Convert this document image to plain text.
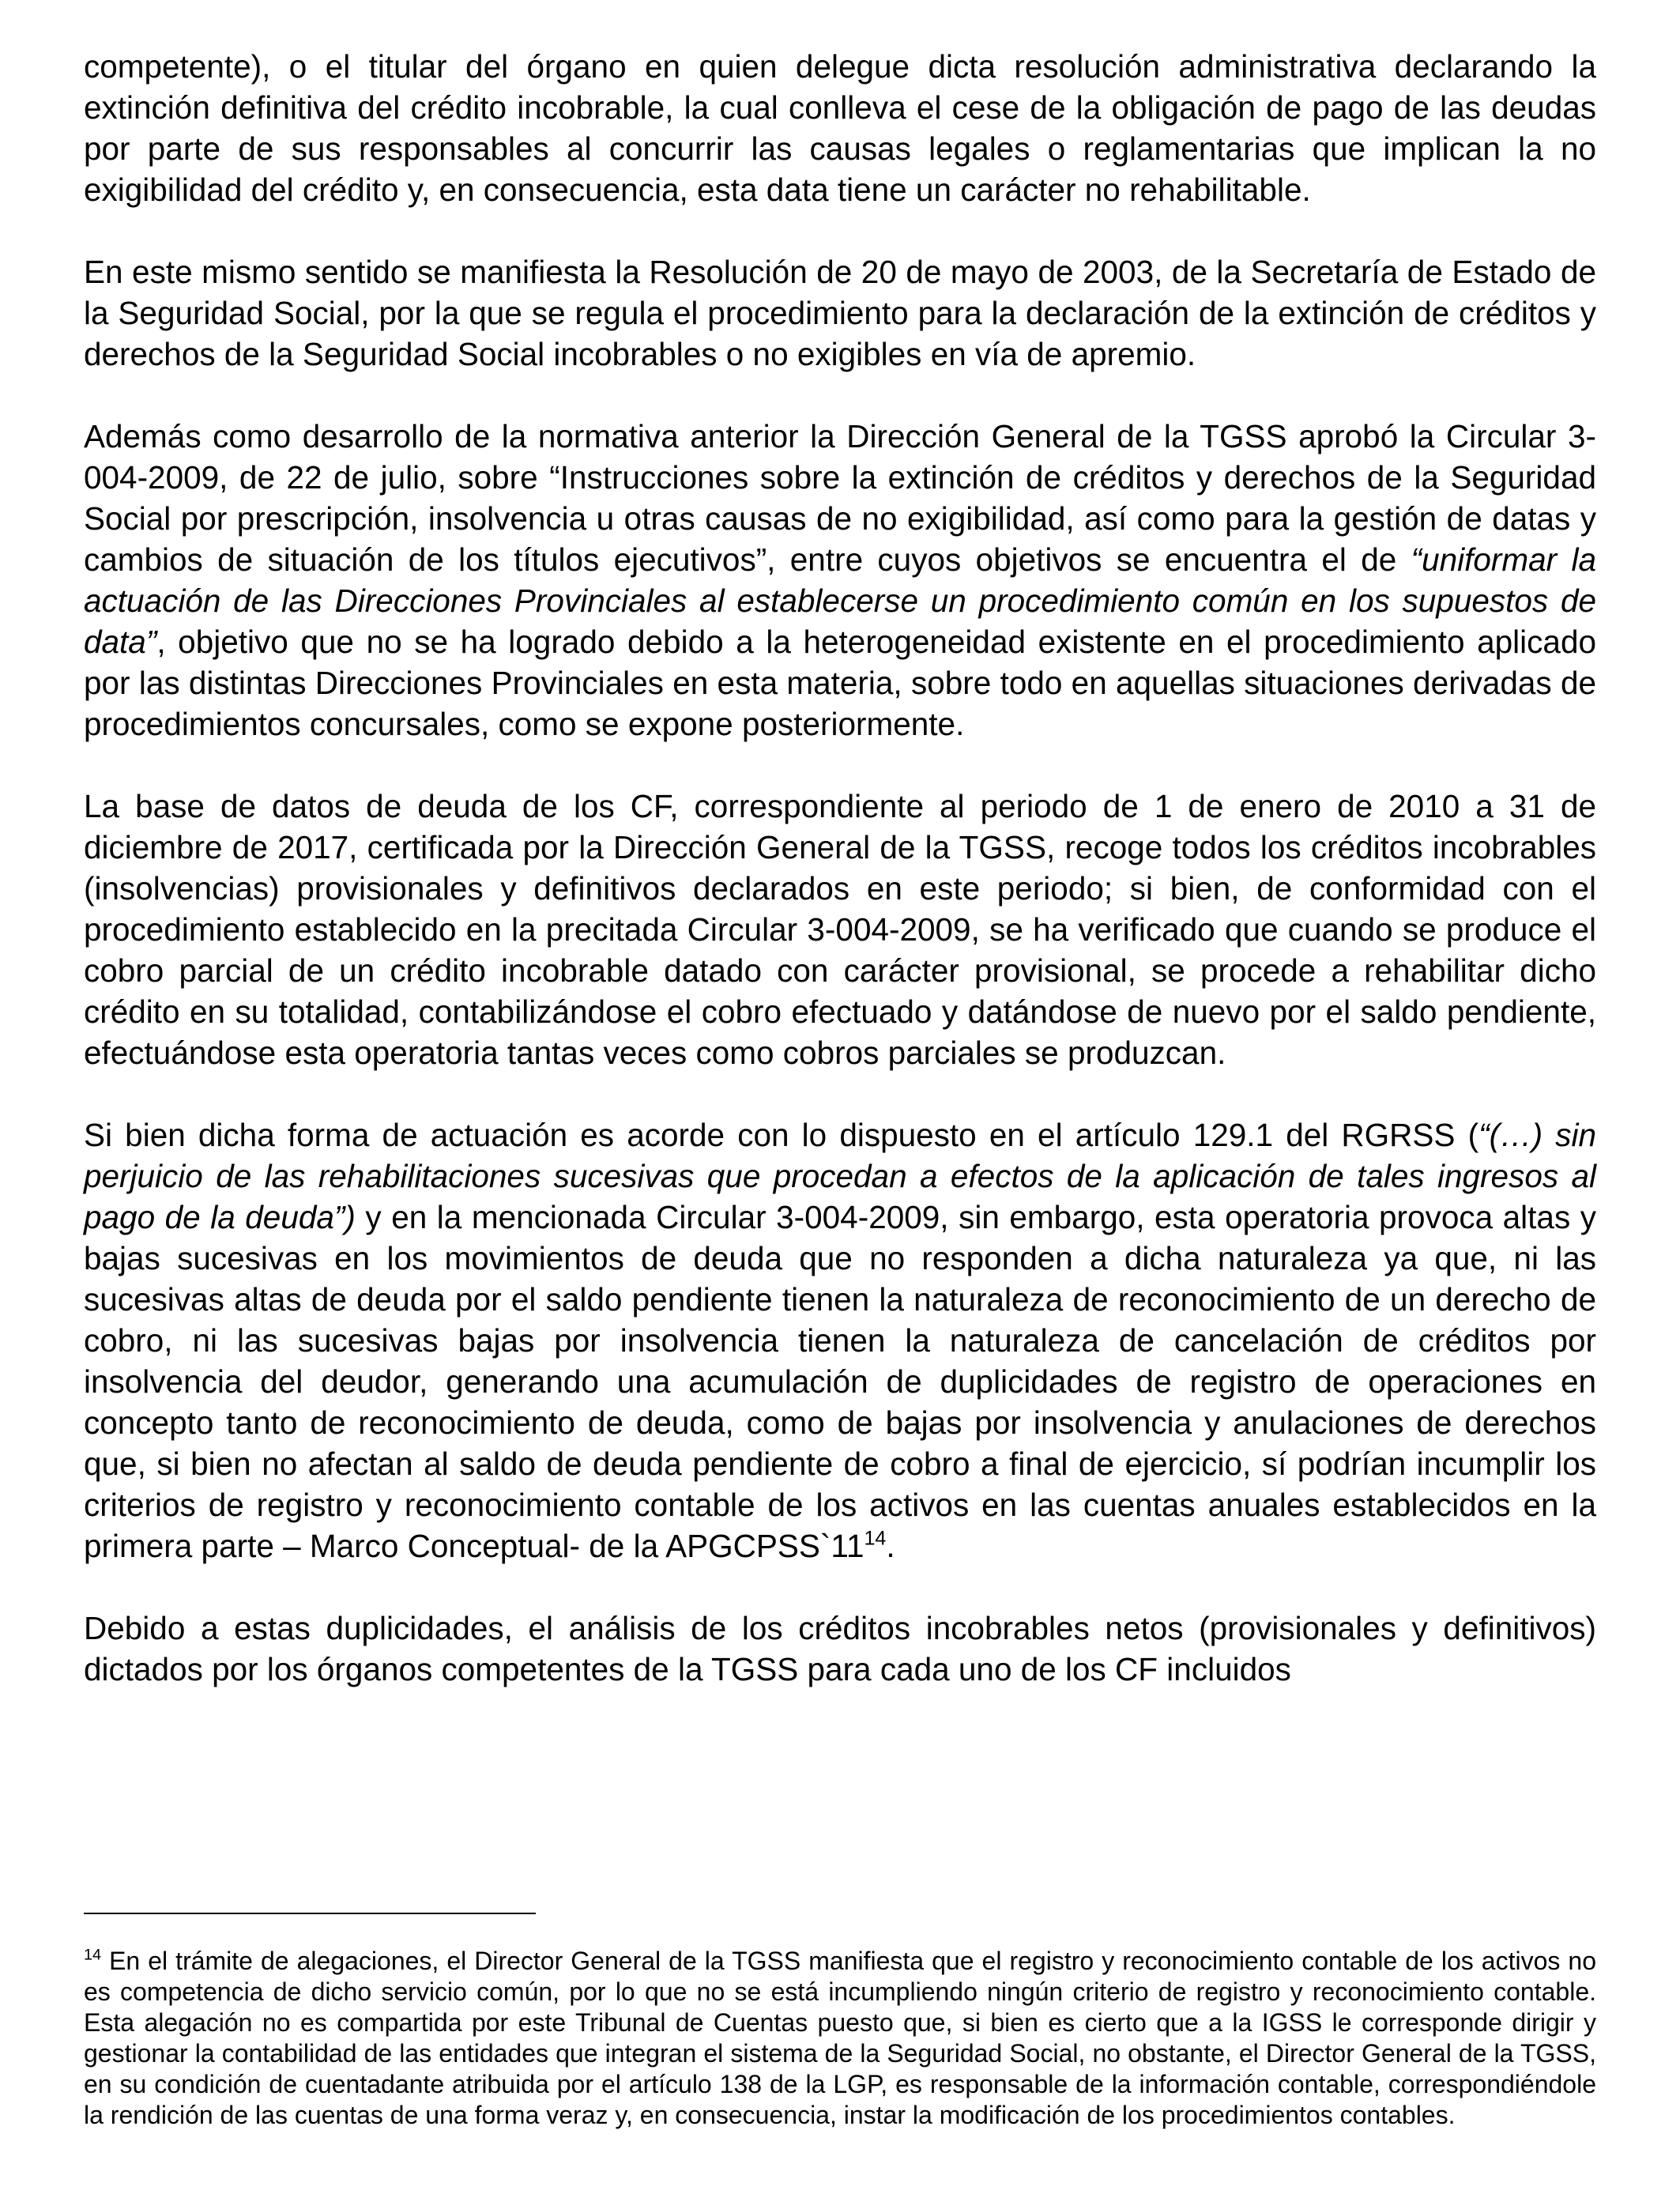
competente), o el titular del órgano en quien delegue dicta resolución administrativa declarando la extinción definitiva del crédito incobrable, la cual conlleva el cese de la obligación de pago de las deudas por parte de sus responsables al concurrir las causas legales o reglamentarias que implican la no exigibilidad del crédito y, en consecuencia, esta data tiene un carácter no rehabilitable.

En este mismo sentido se manifiesta la Resolución de 20 de mayo de 2003, de la Secretaría de Estado de la Seguridad Social, por la que se regula el procedimiento para la declaración de la extinción de créditos y derechos de la Seguridad Social incobrables o no exigibles en vía de apremio.

Además como desarrollo de la normativa anterior la Dirección General de la TGSS aprobó la Circular 3-004-2009, de 22 de julio, sobre “Instrucciones sobre la extinción de créditos y derechos de la Seguridad Social por prescripción, insolvencia u otras causas de no exigibilidad, así como para la gestión de datas y cambios de situación de los títulos ejecutivos”, entre cuyos objetivos se encuentra el de “uniformar la actuación de las Direcciones Provinciales al establecerse un procedimiento común en los supuestos de data”, objetivo que no se ha logrado debido a la heterogeneidad existente en el procedimiento aplicado por las distintas Direcciones Provinciales en esta materia, sobre todo en aquellas situaciones derivadas de procedimientos concursales, como se expone posteriormente.

La base de datos de deuda de los CF, correspondiente al periodo de 1 de enero de 2010 a 31 de diciembre de 2017, certificada por la Dirección General de la TGSS, recoge todos los créditos incobrables (insolvencias) provisionales y definitivos declarados en este periodo; si bien, de conformidad con el procedimiento establecido en la precitada Circular 3-004-2009, se ha verificado que cuando se produce el cobro parcial de un crédito incobrable datado con carácter provisional, se procede a rehabilitar dicho crédito en su totalidad, contabilizándose el cobro efectuado y datándose de nuevo por el saldo pendiente, efectuándose esta operatoria tantas veces como cobros parciales se produzcan.

Si bien dicha forma de actuación es acorde con lo dispuesto en el artículo 129.1 del RGRSS (“(…) sin perjuicio de las rehabilitaciones sucesivas que procedan a efectos de la aplicación de tales ingresos al pago de la deuda”) y en la mencionada Circular 3-004-2009, sin embargo, esta operatoria provoca altas y bajas sucesivas en los movimientos de deuda que no responden a dicha naturaleza ya que, ni las sucesivas altas de deuda por el saldo pendiente tienen la naturaleza de reconocimiento de un derecho de cobro, ni las sucesivas bajas por insolvencia tienen la naturaleza de cancelación de créditos por insolvencia del deudor, generando una acumulación de duplicidades de registro de operaciones en concepto tanto de reconocimiento de deuda, como de bajas por insolvencia y anulaciones de derechos que, si bien no afectan al saldo de deuda pendiente de cobro a final de ejercicio, sí podrían incumplir los criterios de registro y reconocimiento contable de los activos en las cuentas anuales establecidos en la primera parte – Marco Conceptual- de la $APGCPSS`11^{14}$.

Debido a estas duplicidades, el análisis de los créditos incobrables netos (provisionales y definitivos) dictados por los órganos competentes de la TGSS para cada uno de los CF incluidos

$^{14}$ En el trámite de alegaciones, el Director General de la TGSS manifiesta que el registro y reconocimiento contable de los activos no es competencia de dicho servicio común, por lo que no se está incumpliendo ningún criterio de registro y reconocimiento contable. Esta alegación no es compartida por este Tribunal de Cuentas puesto que, si bien es cierto que a la IGSS le corresponde dirigir y gestionar la contabilidad de las entidades que integran el sistema de la Seguridad Social, no obstante, el Director General de la TGSS, en su condición de cuentadante atribuida por el artículo 138 de la LGP, es responsable de la información contable, correspondiéndole la rendición de las cuentas de una forma veraz y, en consecuencia, instar la modificación de los procedimientos contables.
